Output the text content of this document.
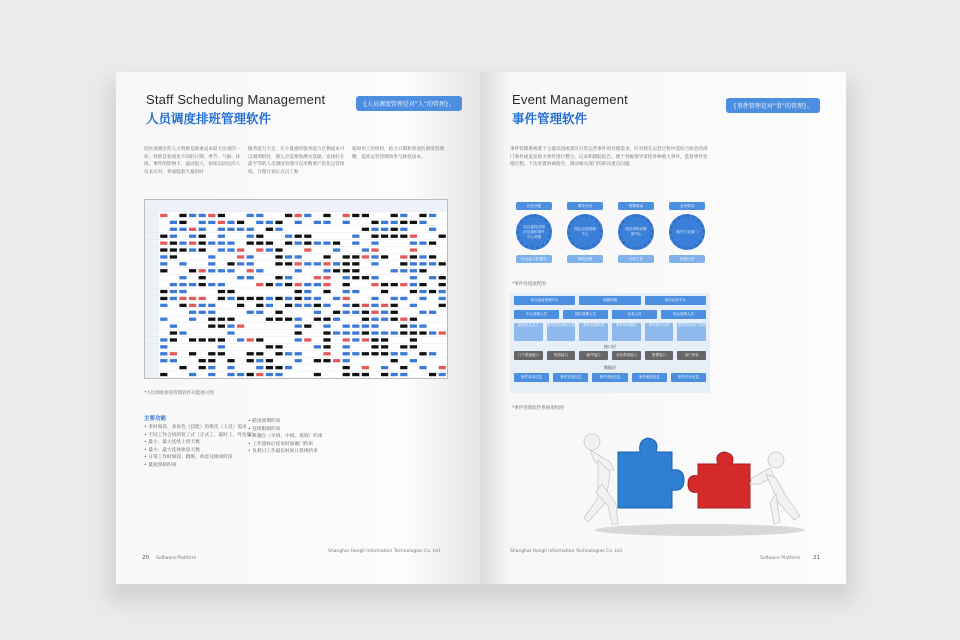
Staff Scheduling Management
人员调度排班管理软件
{人员调度管理是对“人”的管理}。
园区或商区的人力资源是最重成本最大比重的一环，特别是客流也不同的日期、季节、气候、环境、事件的影响下，波动很大，如果以固定的人员来应对，将面临着大量的时
服务能力不足，在小量流时服务能力过剩或本可以调剂的时，那么应需要预测为基础，安排好在最平等的人员调度管理可以用数要产优化运营组构，合理计划正式员工和
临时用工的组构，结合日期和客流医调度管理精，提高运营管理效率与降低成本。
*人员调度排班管理软件功能展示图
主要功能
• 多时间段、多角色（技能）的班次（人员）需求
• 不同工作合同的复工式（正式工、临时工、外包服）
• 最小、最大连续上班天数
• 最小、最大连休休息天数
• 日常工作时间段、跳班、休息及换岗时段
• 最短预制约束
• 轮岗周期约束
• 连班限制约束
• 班趣在（早班、中班、夜班）约束
• 工作超标后结束时间截门约束
• 负荷日工作最长时间计算规约束
20 Software Platform
Shanghai Hongli Information Technologies Co. Ltd
Event Management
事件管理软件
{事件管理是对“事”的管理}。
事件管理系统基于主题乐园或景区日常运营事件的处理需求，针对现在运营过程中需综合协会的部门条件或发发的大事件进行整合，记录和跟踪报告，便于各级领导掌控各种重大事件，监督事件处理过程，下达处置协调指令，调动相关部门的联决重点问题。
任务分配	事务交付	报警联动	业务联动
以合道经济园区信道的事件中心调度
园区运营管理中心
园区消防后勤部中心
相关专业部门
区运品工作提交	事故处理	生成工作	处理记录
*事件处置流程图
综合运营管理平台	电脑终端	移动运营平台
中心管理人员	园区管理人员	业务人员	物业管理人员
事件信息录入	事件信息流转分发	事件处置审批	事件现场跟踪	事件统计分析	系统管理用户管理
接口层
门户系统接口	短信接口	邮件接口	业务系统接口	报警接口	用户体验
数据层
事件基本信息	事件过程信息	事件审批信息	事件通知信息	事件评价信息
*事件管理软件系统架构图
Shanghai Hongli Information Technologies Co. Ltd
Software Platform 21
